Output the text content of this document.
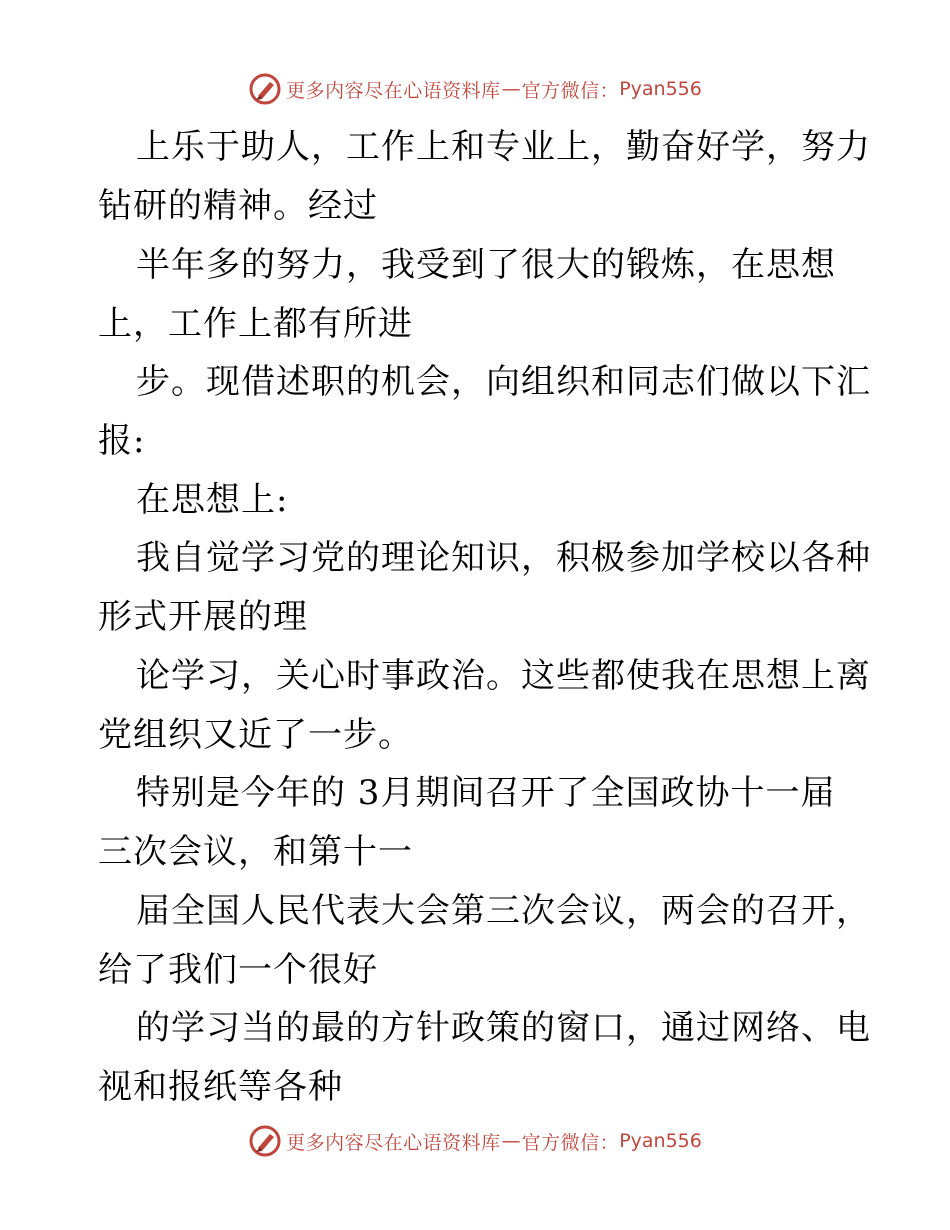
更多内容尽在心语资料库 — 官方微信： Pyan556
上乐于助人，工作上和专业上，勤奋好学，努力
钻研的精神。经过
半年多的努力，我受到了很大的锻炼，在思想
上，工作上都有所进
步。现借述职的机会，向组织和同志们做以下汇
报:
在思想上:
我自觉学习党的理论知识，积极参加学校以各种
形式开展的理
论学习，关心时事政治。这些都使我在思想上离
党组织又近了一步。
特别是今年的 3月期间召开了全国政协十一届
三次会议，和第十一
届全国人民代表大会第三次会议，两会的召开，
给了我们一个很好
的学习当的最的方针政策的窗口，通过网络、电
视和报纸等各种
更多内容尽在心语资料库 — 官方微信： Pyan556
